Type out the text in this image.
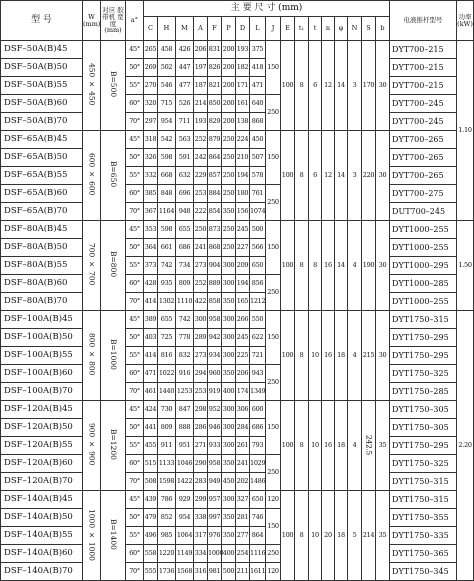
型 号	W (mm)	对应 胶带机 宽度 (mm)	a°	主 要 尺 寸 (mm)																	电液推杆型号	功率 (kW)
				C	H	M	A	F	P	D	L	J	E	t₁	t	n	φ	N	S	b		
DSF–50A(B)45	450 × 450	B=500	45°	265	458	426	206	831	200	193	375	150	100	8	6	12	14	3	170	30	DYT700–215	1.10
DSF–50A(B)50			50°	269	502	447	197	826	200	182	418										DYT700–215	
DSF–50A(B)55			55°	270	546	477	187	821	200	171	471										DYT700–215	
DSF–50A(B)60			60°	320	715	526	214	850	200	161	640	250									DYT700–245	
DSF–50A(B)70			70°	297	954	711	193	829	200	138	868										DYT700–245	
DSF–65A(B)45	600 × 600	B=650	45°	318	542	563	252	879	250	224	450	150	100	8	6	12	14	3	220	30	DYT700–265	
DSF–65A(B)50			50°	326	598	591	242	864	250	210	507										DYT700–265	
DSF–65A(B)55			55°	332	668	632	229	857	250	194	578										DYT700–265	
DSF–65A(B)60			60°	385	848	696	253	884	250	180	761	250									DYT700–275	
DSF–65A(B)70			70°	367	1164	948	222	854	350	156	1074										DUT700–245	
DSF–80A(B)45	700 × 700	B=800	45°	353	598	655	250	873	250	245	500	150	100	8	8	16	14	4	190	30	DYT1000–255	1.50
DSF–80A(B)50			50°	364	661	686	241	868	250	227	566										DYT1000–255	
DSF–80A(B)55			55°	373	742	734	273	904	300	209	650										DYT1000–295	
DSF–80A(B)60			60°	428	935	809	252	889	300	194	856	250									DYT1000–285	
DSF–80A(B)70			70°	414	1302	1110	422	858	350	165	1212										DYT1000–255	
DSF–100A(B)45	800 × 800	B=1000	45°	389	655	742	300	958	300	266	550	150	100	8	10	16	18	4	215	30	DYT1750–315	2.20
DSF–100A(B)50			50°	403	725	778	289	942	300	245	622										DYT1750–295	
DSF–100A(B)55			55°	414	816	832	273	934	300	225	721										DYT1750–295	
DSF–100A(B)60			60°	471	1022	916	294	960	350	206	943	250									DYT1750–325	
DSF–100A(B)70			70°	461	1440	1253	253	919	400	174	1349										DYT1750–285	
DSF–120A(B)45	900 × 900	B=1200	45°	424	730	847	298	952	300	306	600	150	100	8	10	16	18	4	242.5	35	DYT1750–305	
DSF–120A(B)50			50°	441	809	888	286	946	300	284	686										DYT1750–305	
DSF–120A(B)55			55°	455	911	951	271	933	300	261	793										DYT1750–295	
DSF–120A(B)60			60°	515	1133	1046	290	958	350	241	1029	250									DYT1750–325	
DSF–120A(B)70			70°	508	1598	1422	283	949	450	202	1486										DYT1750–315	
DSF–140A(B)45	1000 × 1000	B=1400	45°	439	786	929	299	957	300	327	650	120	100	8	10	20	18	5	214	35	DYT1750–315	
DSF–140A(B)50			50°	479	852	954	338	997	350	281	746	150									DYT1750–355	
DSF–140A(B)55			55°	496	985	1064	317	976	350	277	864										DYT1750–335	
DSF–140A(B)60			60°	558	1220	1149	334	1000	400	254	1116	250									DYT1750–365	
DSF–140A(B)70			70°	555	1736	1568	316	981	500	211	1611	120									DYT1750–345	
